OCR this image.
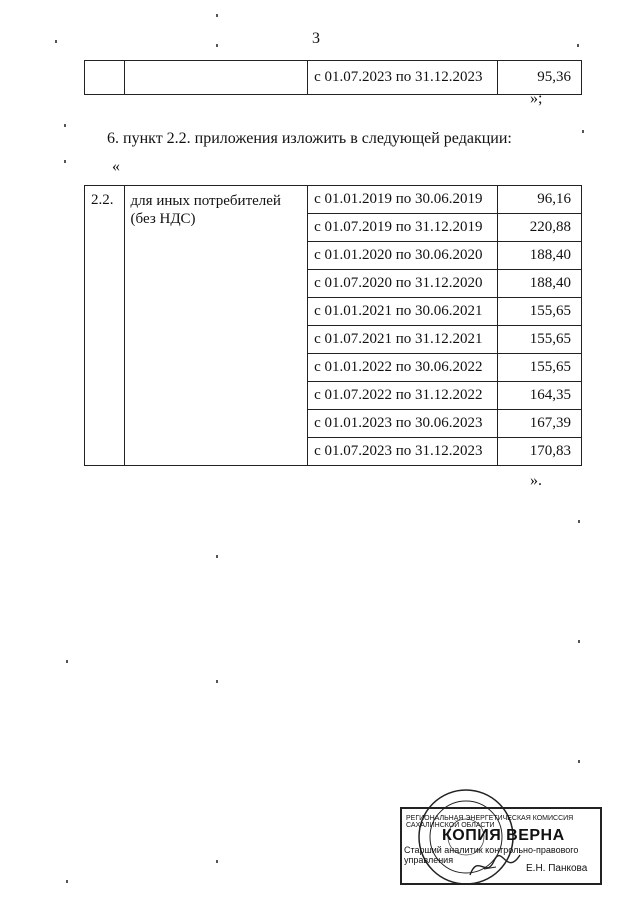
3
		с 01.07.2023 по 31.12.2023	95,36
»;
6. пункт 2.2. приложения изложить в следующей редакции:
«
2.2.	для иных потребителей (без НДС)	с 01.01.2019 по 30.06.2019	96,16
		с 01.07.2019 по 31.12.2019	220,88
		с 01.01.2020 по 30.06.2020	188,40
		с 01.07.2020 по 31.12.2020	188,40
		с 01.01.2021 по 30.06.2021	155,65
		с 01.07.2021 по 31.12.2021	155,65
		с 01.01.2022 по 30.06.2022	155,65
		с 01.07.2022 по 31.12.2022	164,35
		с 01.01.2023 по 30.06.2023	167,39
		с 01.07.2023 по 31.12.2023	170,83
».
РЕГИОНАЛЬНАЯ ЭНЕРГЕТИЧЕСКАЯ КОМИССИЯ САХАЛИНСКОЙ ОБЛАСТИ
КОПИЯ ВЕРНА
Старший аналитик контрольно-правового управления
Е.Н. Панкова
